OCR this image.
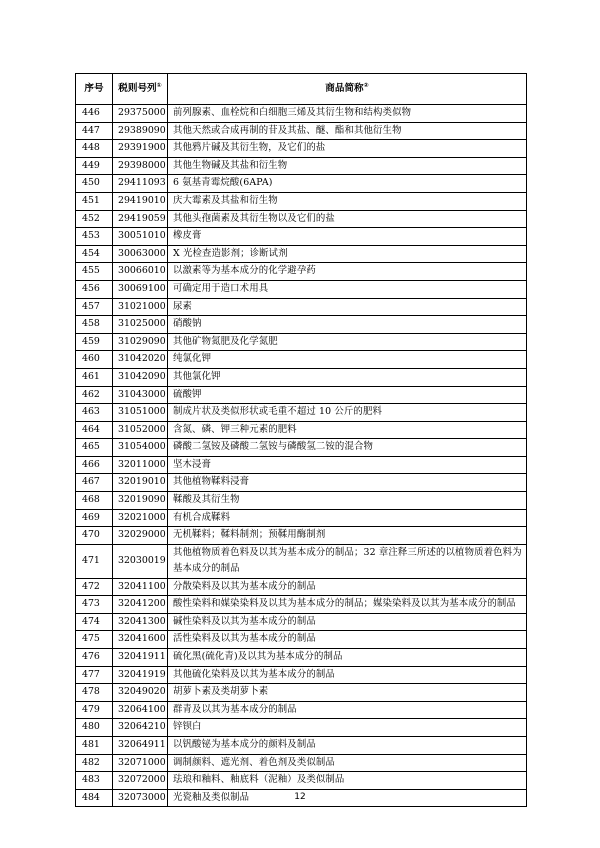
序号	税则号列①	商品简称②
446	29375000	前列腺素、血栓烷和白细胞三烯及其衍生物和结构类似物
447	29389090	其他天然或合成再制的苷及其盐、醚、酯和其他衍生物
448	29391900	其他鸦片碱及其衍生物，及它们的盐
449	29398000	其他生物碱及其盐和衍生物
450	29411093	6 氨基青霉烷酸(6APA)
451	29419010	庆大霉素及其盐和衍生物
452	29419059	其他头孢菌素及其衍生物以及它们的盐
453	30051010	橡皮膏
454	30063000	X 光检查造影剂；诊断试剂
455	30066010	以激素等为基本成分的化学避孕药
456	30069100	可确定用于造口术用具
457	31021000	尿素
458	31025000	硝酸钠
459	31029090	其他矿物氮肥及化学氮肥
460	31042020	纯氯化钾
461	31042090	其他氯化钾
462	31043000	硫酸钾
463	31051000	制成片状及类似形状或毛重不超过 10 公斤的肥料
464	31052000	含氮、磷、钾三种元素的肥料
465	31054000	磷酸二氢铵及磷酸二氢铵与磷酸氢二铵的混合物
466	32011000	坚木浸膏
467	32019010	其他植物鞣料浸膏
468	32019090	鞣酸及其衍生物
469	32021000	有机合成鞣料
470	32029000	无机鞣料；鞣料制剂；预鞣用酶制剂
471	32030019	其他植物质着色料及以其为基本成分的制品；32 章注释三所述的以植物质着色料为基本成分的制品
472	32041100	分散染料及以其为基本成分的制品
473	32041200	酸性染料和媒染染料及以其为基本成分的制品；媒染染料及以其为基本成分的制品
474	32041300	碱性染料及以其为基本成分的制品
475	32041600	活性染料及以其为基本成分的制品
476	32041911	硫化黑(硫化青)及以其为基本成分的制品
477	32041919	其他硫化染料及以其为基本成分的制品
478	32049020	胡萝卜素及类胡萝卜素
479	32064100	群青及以其为基本成分的制品
480	32064210	锌钡白
481	32064911	以钒酸铋为基本成分的颜料及制品
482	32071000	调制颜料、遮光剂、着色剂及类似制品
483	32072000	珐琅和釉料、釉底料（泥釉）及类似制品
484	32073000	光瓷釉及类似制品	12
